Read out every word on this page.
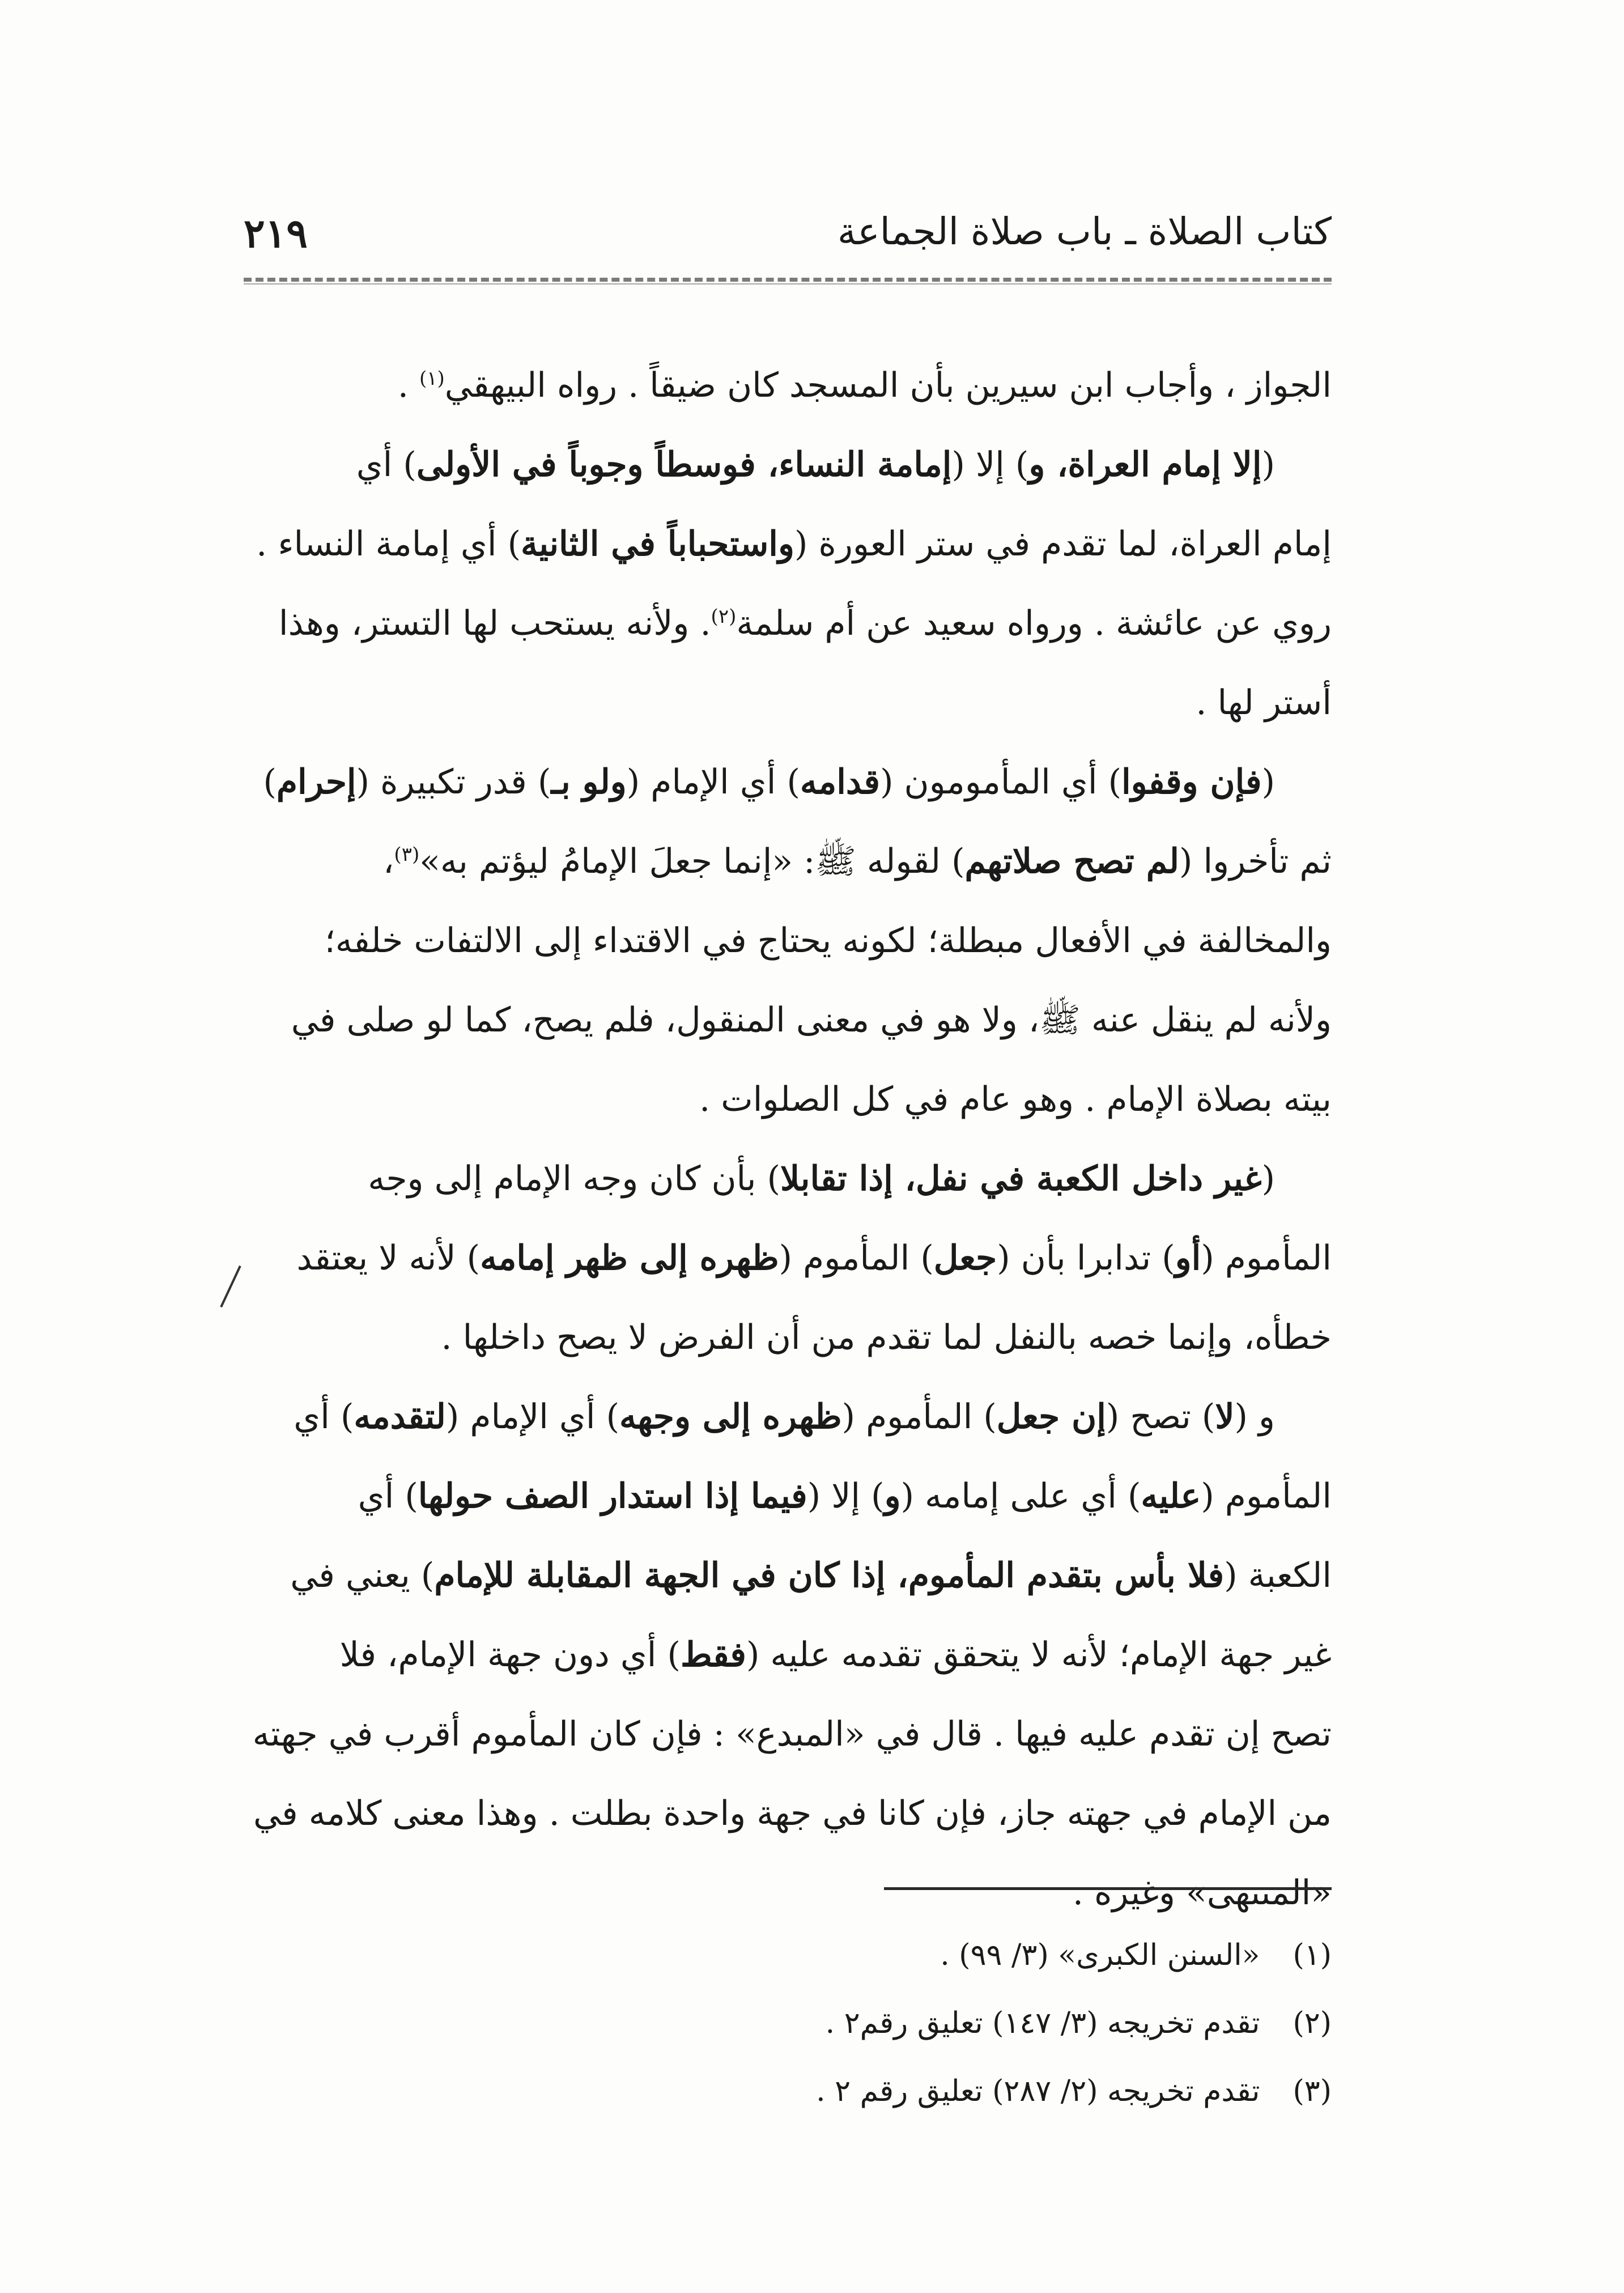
كتاب الصلاة ـ باب صلاة الجماعة
٢١٩
الجواز ، وأجاب ابن سيرين بأن المسجد كان ضيقاً . رواه البيهقي$^{(١)}$ .
(إلا إمام العراة، و) إلا (إمامة النساء، فوسطاً وجوباً في الأولى) أي
إمام العراة، لما تقدم في ستر العورة (واستحباباً في الثانية) أي إمامة النساء .
روي عن عائشة . ورواه سعيد عن أم سلمة$^{(٢)}$. ولأنه يستحب لها التستر، وهذا
أستر لها .
(فإن وقفوا) أي المأمومون (قدامه) أي الإمام (ولو بـ) قدر تكبيرة (إحرام)
ثم تأخروا (لم تصح صلاتهم) لقوله ﷺ: «إنما جعلَ الإمامُ ليؤتم به»$^{(٣)}$،
والمخالفة في الأفعال مبطلة؛ لكونه يحتاج في الاقتداء إلى الالتفات خلفه؛
ولأنه لم ينقل عنه ﷺ، ولا هو في معنى المنقول، فلم يصح، كما لو صلى في
بيته بصلاة الإمام . وهو عام في كل الصلوات .
(غير داخل الكعبة في نفل، إذا تقابلا) بأن كان وجه الإمام إلى وجه
المأموم (أو) تدابرا بأن (جعل) المأموم (ظهره إلى ظهر إمامه) لأنه لا يعتقد
خطأه، وإنما خصه بالنفل لما تقدم من أن الفرض لا يصح داخلها .
و (لا) تصح (إن جعل) المأموم (ظهره إلى وجهه) أي الإمام (لتقدمه) أي
المأموم (عليه) أي على إمامه (و) إلا (فيما إذا استدار الصف حولها) أي
الكعبة (فلا بأس بتقدم المأموم، إذا كان في الجهة المقابلة للإمام) يعني في
غير جهة الإمام؛ لأنه لا يتحقق تقدمه عليه (فقط) أي دون جهة الإمام، فلا
تصح إن تقدم عليه فيها . قال في «المبدع» : فإن كان المأموم أقرب في جهته
من الإمام في جهته جاز، فإن كانا في جهة واحدة بطلت . وهذا معنى كلامه في
«المنتهى» وغيره .
(١) «السنن الكبرى» (٣/ ٩٩) .
(٢) تقدم تخريجه (٣/ ١٤٧) تعليق رقم٢ .
(٣) تقدم تخريجه (٢/ ٢٨٧) تعليق رقم ٢ .
